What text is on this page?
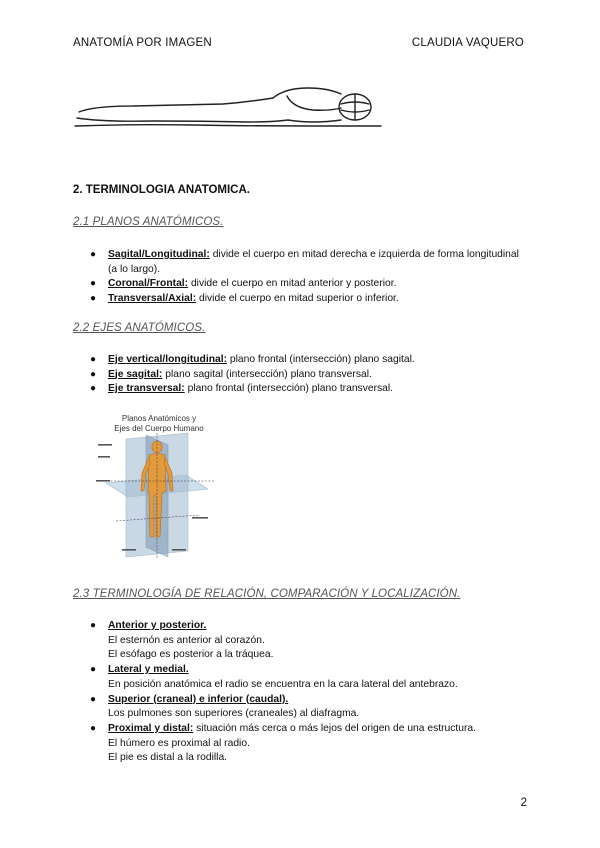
ANATOMÍA POR IMAGEN	CLAUDIA VAQUERO
2. TERMINOLOGIA ANATOMICA.
2.1 PLANOS ANATÓMICOS.
● Sagital/Longitudinal: divide el cuerpo en mitad derecha e izquierda de forma longitudinal (a lo largo).
● Coronal/Frontal: divide el cuerpo en mitad anterior y posterior.
● Transversal/Axial: divide el cuerpo en mitad superior o inferior.
2.2 EJES ANATÓMICOS.
● Eje vertical/longitudinal: plano frontal (intersección) plano sagital.
● Eje sagital: plano sagital (intersección) plano transversal.
● Eje transversal: plano frontal (intersección) plano transversal.
Planos Anatómicos y
Ejes del Cuerpo Humano
2.3 TERMINOLOGÍA DE RELACIÓN, COMPARACIÓN Y LOCALIZACIÓN.
● Anterior y posterior.
El esternón es anterior al corazón.
El esófago es posterior a la tráquea.
● Lateral y medial.
En posición anatómica el radio se encuentra en la cara lateral del antebrazo.
● Superior (craneal) e inferior (caudal).
Los pulmones son superiores (craneales) al diafragma.
● Proximal y distal: situación más cerca o más lejos del origen de una estructura.
El húmero es proximal al radio.
El pie es distal a la rodilla.
2
